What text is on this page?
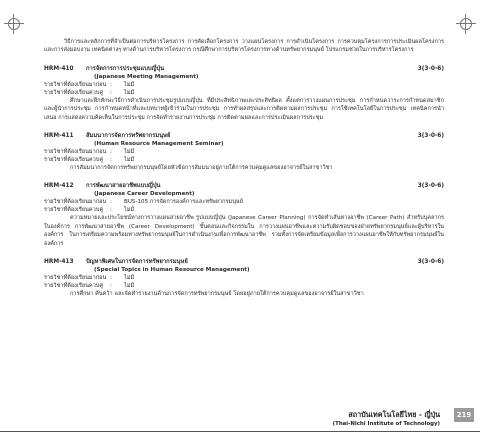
วิธีการและหลักการที่จำเป็นต่อการบริหารโครงการ การคัดเลือกโครงการ วางแผนโครงการ การดำเนินโครงการ การควบคุมโครงการการประเมินผลโครงการ และการส่งมอบงาน เทคนิคต่างๆ ทางด้านการบริหารโครงการ กรณีศึกษาการบริหารโครงการทางด้านทรัพยากรมนุษย์ โปรแกรมช่วยในการบริหารโครงการ

HRM-410	การจัดการการประชุมแบบญี่ปุ่น	3(3-0-6)
(Japanese Meeting Management)
รายวิชาที่ต้องเรียนมาก่อน :	ไม่มี
รายวิชาที่ต้องเรียนควบคู่	:	ไม่มี

ศึกษาและฝึกทักษะวิธีการดำเนินการประชุมรูปแบบญี่ปุ่น ที่มีประสิทธิภาพและประสิทธิผล ตั้งแต่การวางแผนการประชุม การกำหนดวาระการกำหนดสมาชิกและผู้นำการประชุม การกำหนดหน้าที่และบทบาทผู้เข้าร่วมในการประชุม การทำผลสรุปและการติดตามผลการประชุม การใช้เทคโนโลยีในการประชุม เทคนิคการนำเสนอ การแสดงความคิดเห็นในการประชุม การจัดทำรายงานการประชุม การติดตามผลและการประเมินผลการประชุม

HRM-411	สัมมนาการจัดการทรัพยากรมนุษย์	3(3-0-6)
(Human Resource Management Seminar)
รายวิชาที่ต้องเรียนมาก่อน :	ไม่มี
รายวิชาที่ต้องเรียนควบคู่	:	ไม่มี

การสัมมนาการจัดการทรัพยากรมนุษย์โดยหัวข้อการสัมมนาอยู่ภายใต้การควบคุมดูแลของอาจารย์ในสาขาวิชา

HRM-412	การพัฒนาสายอาชีพแบบญี่ปุ่น	3(3-0-6)
(Japanese Career Development)
รายวิชาที่ต้องเรียนมาก่อน :	BUS-105 การจัดการองค์การและทรัพยากรมนุษย์
รายวิชาที่ต้องเรียนควบคู่	:	ไม่มี

ความหมายและประโยชน์ทางการวางแผนสายอาชีพ รูปแบบญี่ปุ่น (Japanese Career Planning) การจัดทำเส้นทางอาชีพ (Career Path) สำหรับบุคลากรในองค์การ การพัฒนาสายอาชีพ (Career Development) ขั้นตอนและกิจกรรมใน การวางแผนอาชีพและความรับผิดชอบของฝ่ายทรัพยากรมนุษย์และผู้บริหารในองค์การ ในการเตรียมความพร้อมทางทรัพยากรมนุษย์ในการดำเนินงานเพื่อการพัฒนาอาชีพ รวมทั้งการจัดเตรียมข้อมูลเพื่อการวางแผนอาชีพให้กับทรัพยากรมนุษย์ในองค์การ

HRM-413	ปัญหาพิเศษในการจัดการทรัพยากรมนุษย์	3(3-0-6)
(Special Topics in Human Resource Management)
รายวิชาที่ต้องเรียนมาก่อน :	ไม่มี
รายวิชาที่ต้องเรียนควบคู่	:	ไม่มี

การศึกษา ค้นคว้า และจัดทำรายงานด้านการจัดการทรัพยากรมนุษย์ โดยอยู่ภายใต้การควบคุมดูแลของอาจารย์ในสาขาวิชา

สถาบันเทคโนโลยีไทย - ญี่ปุ่น
(Thai-Nichi Institute of Technology)
219
